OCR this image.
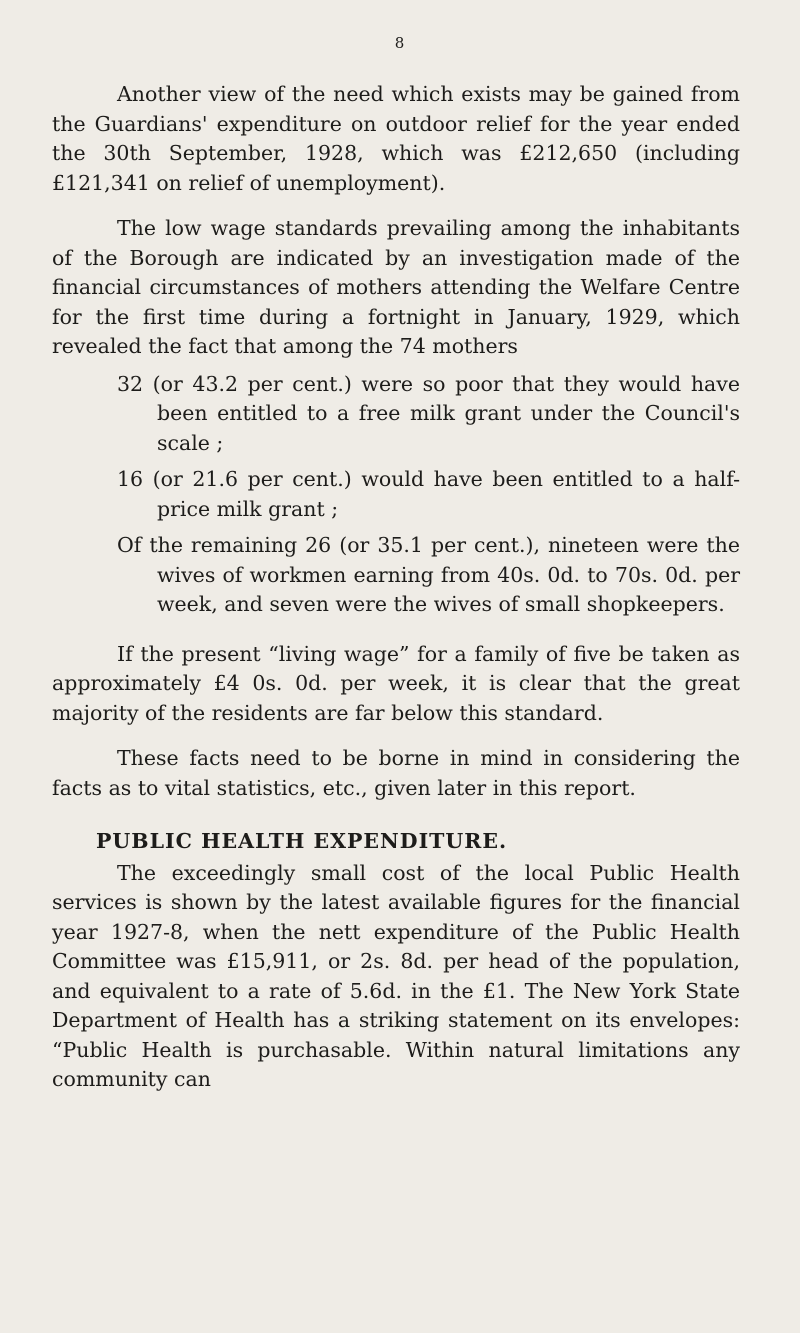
8

Another view of the need which exists may be gained from the Guardians' expenditure on outdoor relief for the year ended the 30th September, 1928, which was £212,650 (including £121,341 on relief of unemployment).

The low wage standards prevailing among the inhabitants of the Borough are indicated by an investigation made of the financial circumstances of mothers attending the Welfare Centre for the first time during a fortnight in January, 1929, which revealed the fact that among the 74 mothers

32 (or 43.2 per cent.) were so poor that they would have been entitled to a free milk grant under the Council's scale ;

16 (or 21.6 per cent.) would have been entitled to a half-price milk grant ;

Of the remaining 26 (or 35.1 per cent.), nineteen were the wives of workmen earning from 40s. 0d. to 70s. 0d. per week, and seven were the wives of small shopkeepers.

If the present “living wage” for a family of five be taken as approximately £4 0s. 0d. per week, it is clear that the great majority of the residents are far below this standard.

These facts need to be borne in mind in considering the facts as to vital statistics, etc., given later in this report.

PUBLIC HEALTH EXPENDITURE.

The exceedingly small cost of the local Public Health services is shown by the latest available figures for the financial year 1927-8, when the nett expenditure of the Public Health Committee was £15,911, or 2s. 8d. per head of the population, and equivalent to a rate of 5.6d. in the £1. The New York State Department of Health has a striking statement on its envelopes: “Public Health is purchasable. Within natural limitations any community can
